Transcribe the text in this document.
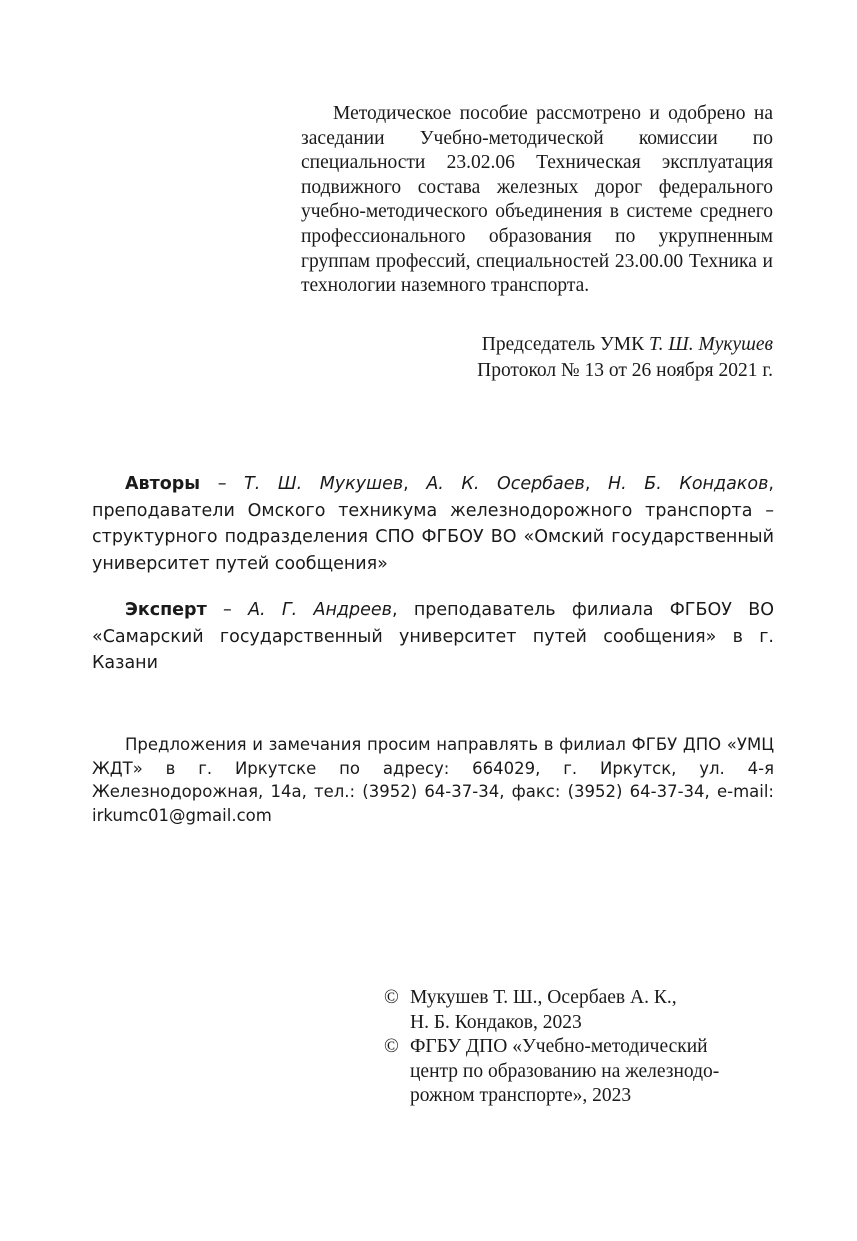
Методическое пособие рассмотрено и одобрено на заседании Учебно-методической комиссии по специальности 23.02.06 Техническая эксплуатация подвижного состава железных дорог федерального учебно-методического объединения в системе среднего профессионального образования по укрупненным группам профессий, специальностей 23.00.00 Техника и технологии наземного транспорта.

Председатель УМК Т. Ш. Мукушев
Протокол № 13 от 26 ноября 2021 г.

Авторы – Т. Ш. Мукушев, А. К. Осербаев, Н. Б. Кондаков, преподаватели Омского техникума железнодорожного транспорта – структурного подразделения СПО ФГБОУ ВО «Омский государственный университет путей сообщения»

Эксперт – А. Г. Андреев, преподаватель филиала ФГБОУ ВО «Самарский государственный университет путей сообщения» в г. Казани

Предложения и замечания просим направлять в филиал ФГБУ ДПО «УМЦ ЖДТ» в г. Иркутске по адресу: 664029, г. Иркутск, ул. 4-я Железнодорожная, 14а, тел.: (3952) 64-37-34, факс: (3952) 64-37-34, e-mail: irkumc01@gmail.com

© Мукушев Т. Ш., Осербаев А. К.,
Н. Б. Кондаков, 2023
© ФГБУ ДПО «Учебно-методический
центр по образованию на железнодо-
рожном транспорте», 2023
